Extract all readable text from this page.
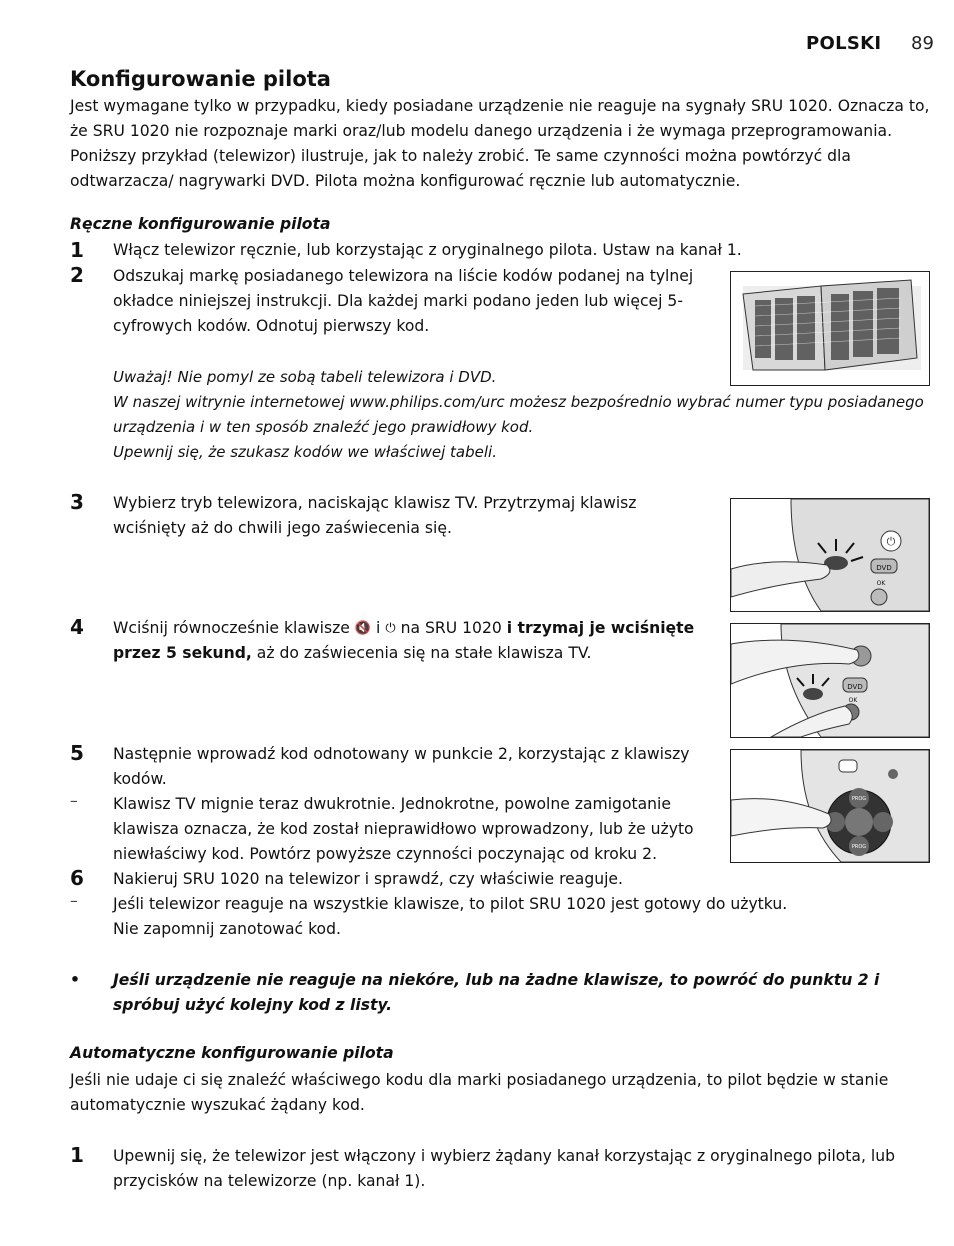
POLSKI 89
Konfigurowanie pilota
Jest wymagane tylko w przypadku, kiedy posiadane urządzenie nie reaguje na sygnały SRU 1020. Oznacza to,
że SRU 1020 nie rozpoznaje marki oraz/lub modelu danego urządzenia i że wymaga przeprogramowania.
Poniższy przykład (telewizor) ilustruje, jak to należy zrobić. Te same czynności można powtórzyć dla
odtwarzacza/ nagrywarki DVD. Pilota można konfigurować ręcznie lub automatycznie.
Ręczne konfigurowanie pilota
1 Włącz telewizor ręcznie, lub korzystając z oryginalnego pilota. Ustaw na kanał 1.
2 Odszukaj markę posiadanego telewizora na liście kodów podanej na tylnej
okładce niniejszej instrukcji. Dla każdej marki podano jeden lub więcej 5-
cyfrowych kodów. Odnotuj pierwszy kod.
Uważaj! Nie pomyl ze sobą tabeli telewizora i DVD.
W naszej witrynie internetowej www.philips.com/urc możesz bezpośrednio wybrać numer typu posiadanego
urządzenia i w ten sposób znaleźć jego prawidłowy kod.
Upewnij się, że szukasz kodów we właściwej tabeli.
3 Wybierz tryb telewizora, naciskając klawisz TV. Przytrzymaj klawisz
wciśnięty aż do chwili jego zaświecenia się.
⏻
DVD
OK
4 Wciśnij równocześnie klawisze 🔇 i ⏻ na SRU 1020 i trzymaj je wciśnięte
przez 5 sekund, aż do zaświecenia się na stałe klawisza TV.
DVD
OK
5 Następnie wprowadź kod odnotowany w punkcie 2, korzystając z klawiszy
kodów.
– Klawisz TV mignie teraz dwukrotnie. Jednokrotne, powolne zamigotanie
klawisza oznacza, że kod został nieprawidłowo wprowadzony, lub że użyto
niewłaściwy kod. Powtórz powyższe czynności poczynając od kroku 2.
PROG
PROG
6 Nakieruj SRU 1020 na telewizor i sprawdź, czy właściwie reaguje.
– Jeśli telewizor reaguje na wszystkie klawisze, to pilot SRU 1020 jest gotowy do użytku.
Nie zapomnij zanotować kod.
• Jeśli urządzenie nie reaguje na niekóre, lub na żadne klawisze, to powróć do punktu 2 i
spróbuj użyć kolejny kod z listy.
Automatyczne konfigurowanie pilota
Jeśli nie udaje ci się znaleźć właściwego kodu dla marki posiadanego urządzenia, to pilot będzie w stanie
automatycznie wyszukać żądany kod.
1 Upewnij się, że telewizor jest włączony i wybierz żądany kanał korzystając z oryginalnego pilota, lub
przycisków na telewizorze (np. kanał 1).
